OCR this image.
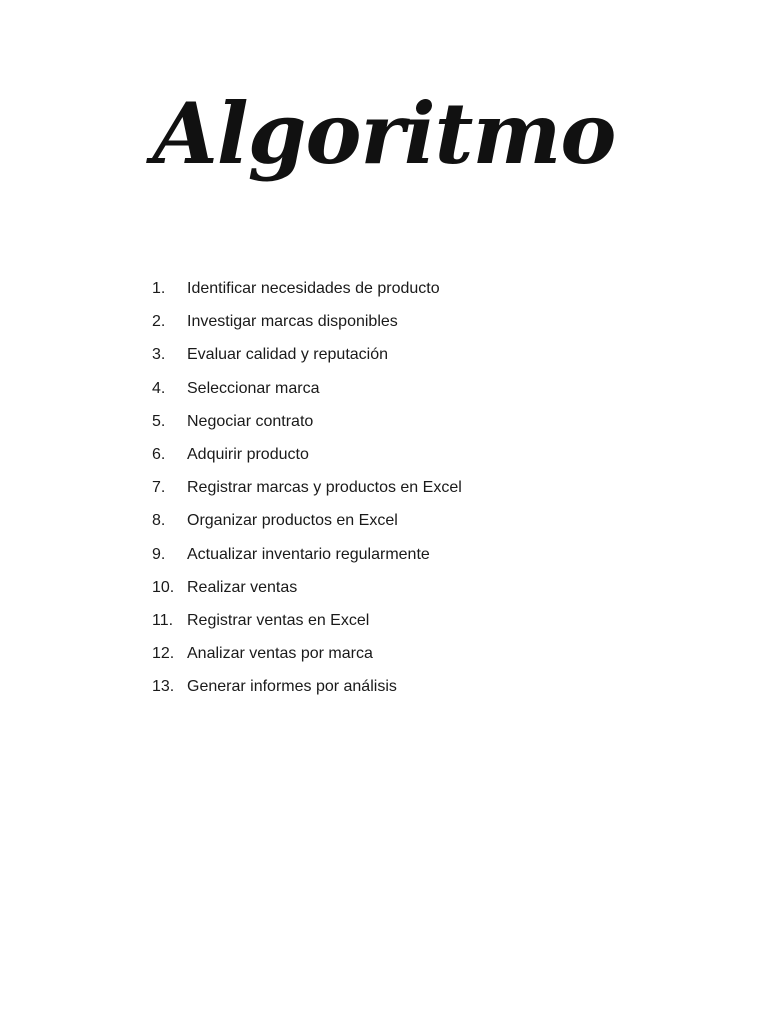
Algoritmo
1.	Identificar necesidades de producto
2.	Investigar marcas disponibles
3.	Evaluar calidad y reputación
4.	Seleccionar marca
5.	Negociar contrato
6.	Adquirir producto
7.	Registrar marcas y productos en Excel
8.	Organizar productos en Excel
9.	Actualizar inventario regularmente
10. Realizar ventas
11. Registrar ventas en Excel
12. Analizar ventas por marca
13. Generar informes por análisis
